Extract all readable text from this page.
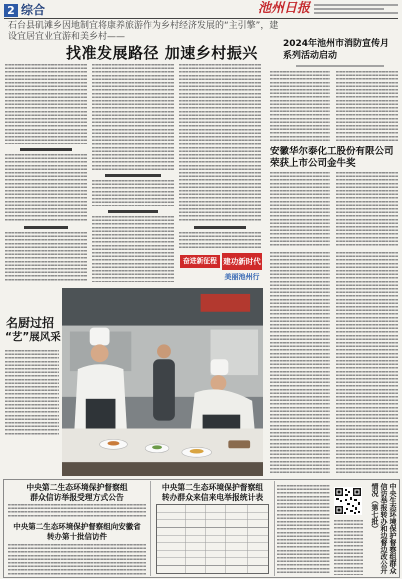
2 综合	池州日报
石台县矶滩乡因地制宜将康养旅游作为乡村经济发展的“主引擎”，建设宜居宜业宜游和美乡村——
找准发展路径 加速乡村振兴
奋进新征程 建功新时代
美丽池州行
名厨过招
“艺”展风采
2024年池州市消防宣传月
系列活动启动
安徽华尔泰化工股份有限公司
荣获上市公司金牛奖
中央第二生态环境保护督察组
群众信访举报受理方式公告
中央第二生态环境保护督察组向安徽省
转办第十批信访件
中央第二生态环境保护督察组
转办群众来信来电举报统计表	中央生态环境保护督察组群众信访举报转办和边督边改公开情况（第七批）
